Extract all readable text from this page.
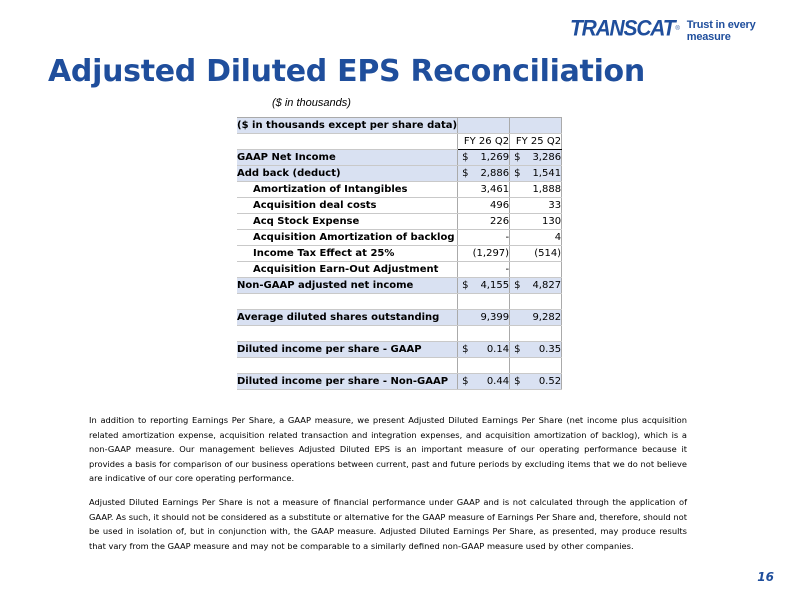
TRANSCAT ® Trust in every measure
Adjusted Diluted EPS Reconciliation
($ in thousands)
($ in thousands except per share data)		
	FY 26 Q2	FY 25 Q2
GAAP Net Income	$ 1,269	$ 3,286

Add back (deduct)	$ 2,886	$ 1,541

Amortization of Intangibles	3,461	1,888
Acquisition deal costs	496	33
Acq Stock Expense	226	130
Acquisition Amortization of backlog	-	4
Income Tax Effect at 25%	(1,297)	(514)
Acquisition Earn-Out Adjustment	-	
Non-GAAP adjusted net income	$ 4,155	$ 4,827

Average diluted shares outstanding	9,399	9,282

Diluted income per share - GAAP	$ 0.14	$ 0.35

Diluted income per share - Non-GAAP	$ 0.44	$ 0.52

In addition to reporting Earnings Per Share, a GAAP measure, we present Adjusted Diluted Earnings Per Share (net income plus acquisition related amortization expense, acquisition related transaction and integration expenses, and acquisition amortization of backlog), which is a non-GAAP measure. Our management believes Adjusted Diluted EPS is an important measure of our operating performance because it provides a basis for comparison of our business operations between current, past and future periods by excluding items that we do not believe are indicative of our core operating performance.

Adjusted Diluted Earnings Per Share is not a measure of financial performance under GAAP and is not calculated through the application of GAAP. As such, it should not be considered as a substitute or alternative for the GAAP measure of Earnings Per Share and, therefore, should not be used in isolation of, but in conjunction with, the GAAP measure. Adjusted Diluted Earnings Per Share, as presented, may produce results that vary from the GAAP measure and may not be comparable to a similarly defined non-GAAP measure used by other companies.

16
